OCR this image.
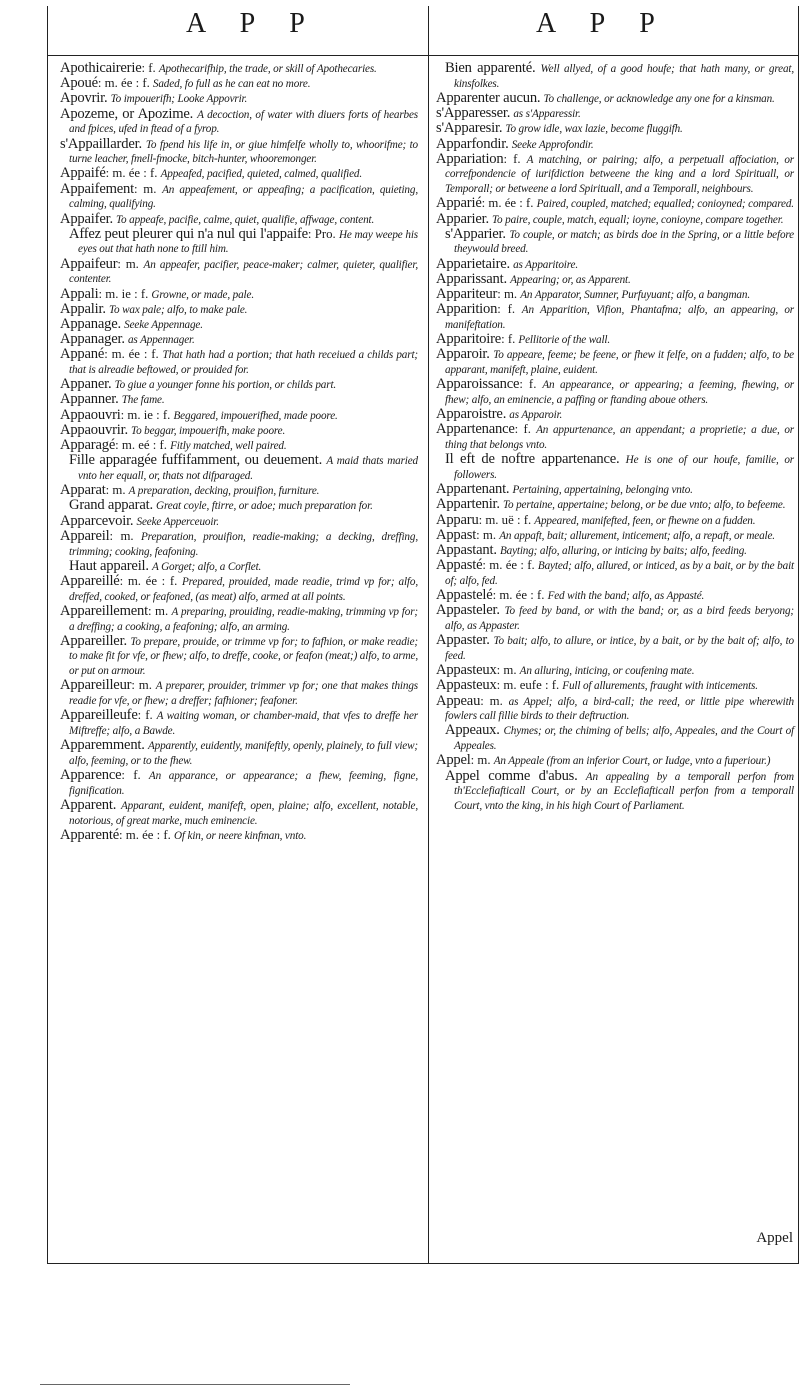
A P P	A P P
Apothicairerie: f. Apothecarifhip, the trade, or skill of Apothecaries.
Apoué: m. ée : f. Saded, fo full as he can eat no more.
Apovrir. To impouerifh; Looke Appovrir.
Apozeme, or Apozime. A decoction, of water with diuers forts of hearbes and fpices, ufed in ftead of a fyrop.
s'Appaillarder. To fpend his life in, or giue himfelfe wholly to, whoorifme; to turne leacher, fmell-fmocke, bitch-hunter, whooremonger.
Appaifé: m. ée : f. Appeafed, pacified, quieted, calmed, qualified.
Appaifement: m. An appeafement, or appeafing; a pacification, quieting, calming, qualifying.
Appaifer. To appeafe, pacifie, calme, quiet, qualifie, affwage, content.
Affez peut pleurer qui n'a nul qui l'appaife: Pro. He may weepe his eyes out that hath none to ftill him.
Appaifeur: m. An appeafer, pacifier, peace-maker; calmer, quieter, qualifier, contenter.
Appali: m. ie : f. Growne, or made, pale.
Appalir. To wax pale; alfo, to make pale.
Appanage. Seeke Appennage.
Appanager. as Appennager.
Appané: m. ée : f. That hath had a portion; that hath receiued a childs part; that is alreadie beftowed, or prouided for.
Appaner. To giue a younger fonne his portion, or childs part.
Appanner. The fame.
Appaouvri: m. ie : f. Beggared, impouerifhed, made poore.
Appaouvrir. To beggar, impouerifh, make poore.
Apparagé: m. eé : f. Fitly matched, well paired.
Fille apparagée fuffifamment, ou deuement. A maid thats maried vnto her equall, or, thats not difparaged.
Apparat: m. A preparation, decking, prouifion, furniture.
Grand apparat. Great coyle, ftirre, or adoe; much preparation for.
Apparcevoir. Seeke Apperceuoir.
Appareil: m. Preparation, prouifion, readie-making; a decking, dreffing, trimming; cooking, feafoning.
Haut appareil. A Gorget; alfo, a Corflet.
Appareillé: m. ée : f. Prepared, prouided, made readie, trimd vp for; alfo, dreffed, cooked, or feafoned, (as meat) alfo, armed at all points.
Appareillement: m. A preparing, prouiding, readie-making, trimming vp for; a dreffing; a cooking, a feafoning; alfo, an arming.
Appareiller. To prepare, prouide, or trimme vp for; to fafhion, or make readie; to make fit for vfe, or fhew; alfo, to dreffe, cooke, or feafon (meat;) alfo, to arme, or put on armour.
Appareilleur: m. A preparer, prouider, trimmer vp for; one that makes things readie for vfe, or fhew; a dreffer; fafhioner; feafoner.
Appareilleufe: f. A waiting woman, or chamber-maid, that vfes to dreffe her Miftreffe; alfo, a Bawde.
Apparemment. Apparently, euidently, manifeftly, openly, plainely, to full view; alfo, feeming, or to the fhew.
Apparence: f. An apparance, or appearance; a fhew, feeming, figne, fignification.
Apparent. Apparant, euident, manifeft, open, plaine; alfo, excellent, notable, notorious, of great marke, much eminencie.
Apparenté: m. ée : f. Of kin, or neere kinfman, vnto.
Bien apparenté. Well allyed, of a good houfe; that hath many, or great, kinsfolkes.
Apparenter aucun. To challenge, or acknowledge any one for a kinsman.
s'Apparesser. as s'Apparessir.
s'Apparesir. To grow idle, wax lazie, become fluggifh.
Apparfondir. Seeke Approfondir.
Appariation: f. A matching, or pairing; alfo, a perpetuall affociation, or correfpondencie of iurifdiction betweene the king and a lord Spirituall, or Temporall; or betweene a lord Spirituall, and a Temporall, neighbours.
Apparié: m. ée : f. Paired, coupled, matched; equalled; conioyned; compared.
Apparier. To paire, couple, match, equall; ioyne, conioyne, compare together.
s'Apparier. To couple, or match; as birds doe in the Spring, or a little before theywould breed.
Apparietaire. as Apparitoire.
Apparissant. Appearing; or, as Apparent.
Appariteur: m. An Apparator, Sumner, Purfuyuant; alfo, a bangman.
Apparition: f. An Apparition, Vifion, Phantafma; alfo, an appearing, or manifeftation.
Apparitoire: f. Pellitorie of the wall.
Apparoir. To appeare, feeme; be feene, or fhew it felfe, on a fudden; alfo, to be apparant, manifeft, plaine, euident.
Apparoissance: f. An appearance, or appearing; a feeming, fhewing, or fhew; alfo, an eminencie, a paffing or ftanding aboue others.
Apparoistre. as Apparoir.
Appartenance: f. An appurtenance, an appendant; a proprietie; a due, or thing that belongs vnto.
Il eft de noftre appartenance. He is one of our houfe, familie, or followers.
Appartenant. Pertaining, appertaining, belonging vnto.
Appartenir. To pertaine, appertaine; belong, or be due vnto; alfo, to befeeme.
Apparu: m. uë : f. Appeared, manifefted, feen, or fhewne on a fudden.
Appast: m. An appaft, bait; allurement, inticement; alfo, a repaft, or meale.
Appastant. Bayting; alfo, alluring, or inticing by baits; alfo, feeding.
Appasté: m. ée : f. Bayted; alfo, allured, or inticed, as by a bait, or by the bait of; alfo, fed.
Appastelé: m. ée : f. Fed with the band; alfo, as Appasté.
Appasteler. To feed by band, or with the band; or, as a bird feeds beryong; alfo, as Appaster.
Appaster. To bait; alfo, to allure, or intice, by a bait, or by the bait of; alfo, to feed.
Appasteux: m. An alluring, inticing, or coufening mate.
Appasteux: m. eufe : f. Full of allurements, fraught with inticements.
Appeau: m. as Appel; alfo, a bird-call; the reed, or little pipe wherewith fowlers call fillie birds to their deftruction.
Appeaux. Chymes; or, the chiming of bells; alfo, Appeales, and the Court of Appeales.
Appel: m. An Appeale (from an inferior Court, or Iudge, vnto a fuperiour.)
Appel comme d'abus. An appealing by a temporall perfon from th'Ecclefiafticall Court, or by an Ecclefiafticall perfon from a temporall Court, vnto the king, in his high Court of Parliament.
Appel
